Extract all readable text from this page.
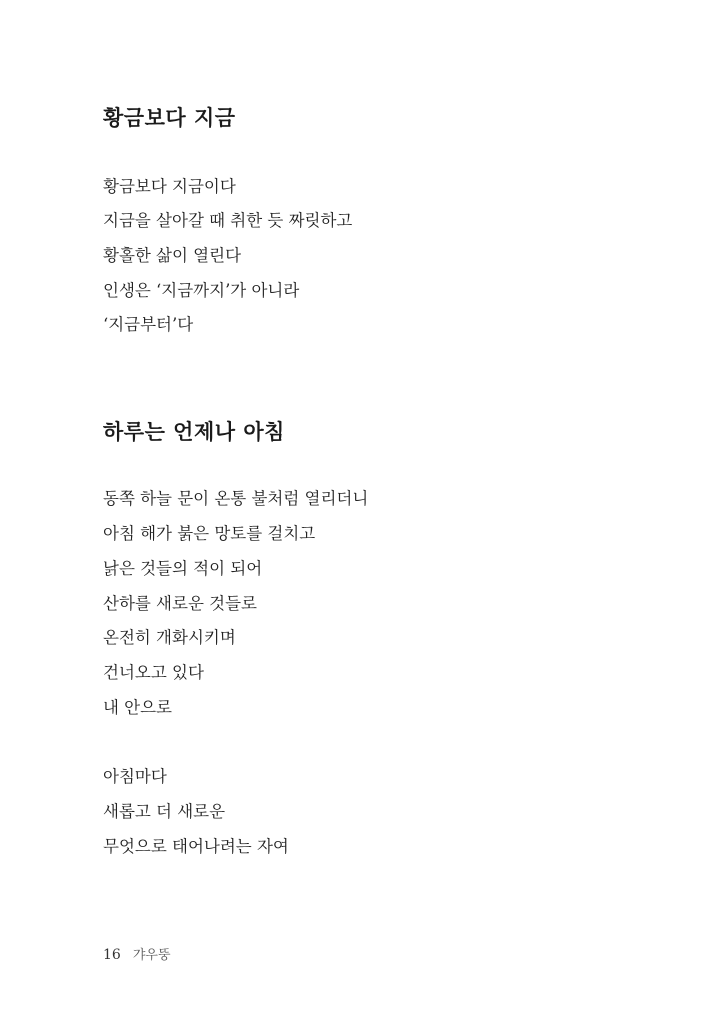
황금보다 지금
황금보다 지금이다
지금을 살아갈 때 취한 듯 짜릿하고
황홀한 삶이 열린다
인생은 ‘지금까지’가 아니라
‘지금부터’다
하루는 언제나 아침
동쪽 하늘 문이 온통 불처럼 열리더니
아침 해가 붉은 망토를 걸치고
낡은 것들의 적이 되어
산하를 새로운 것들로
온전히 개화시키며
건너오고 있다
내 안으로
아침마다
새롭고 더 새로운
무엇으로 태어나려는 자여
16 갸우뚱
